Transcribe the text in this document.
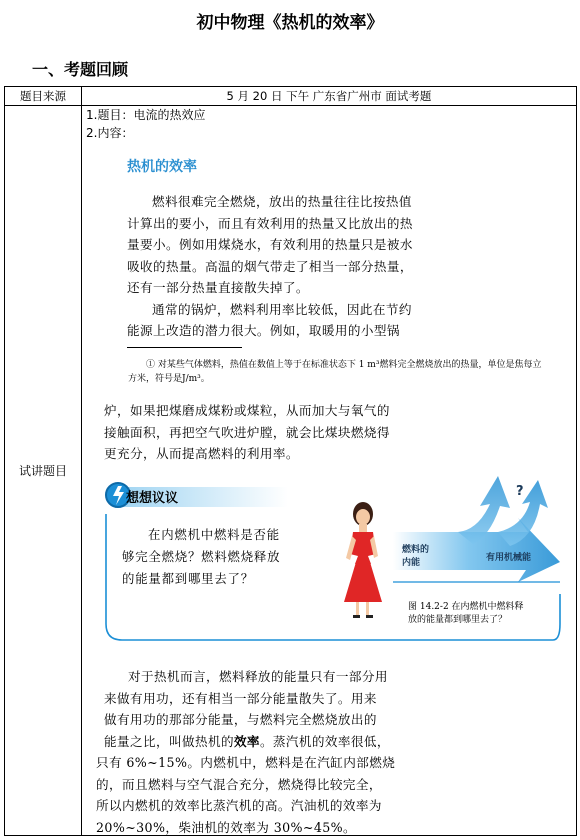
初中物理《热机的效率》
一、考题回顾
题目来源	5 月 20 日 下午 广东省广州市 面试考题
试讲题目	
1.题目：电流的热效应
2.内容：
热机的效率
燃料很难完全燃烧，放出的热量往往比按热值
计算出的要小，而且有效利用的热量又比放出的热
量要小。例如用煤烧水，有效利用的热量只是被水
吸收的热量。高温的烟气带走了相当一部分热量，
还有一部分热量直接散失掉了。
通常的锅炉，燃料利用率比较低，因此在节约
能源上改造的潜力很大。例如，取暖用的小型锅
① 对某些气体燃料，热值在数值上等于在标准状态下 1 m³燃料完全燃烧放出的热量，单位是焦每立
方米，符号是J/m³。
炉，如果把煤磨成煤粉或煤粒，从而加大与氧气的
接触面积，再把空气吹进炉膛，就会比煤块燃烧得
更充分，从而提高燃料的利用率。
想想议议
在内燃机中燃料是否能
够完全燃烧？燃料燃烧释放
的能量都到哪里去了？
?
燃料的
内能	有用机械能
图 14.2-2 在内燃机中燃料释
放的能量都到哪里去了？
对于热机而言，燃料释放的能量只有一部分用
来做有用功，还有相当一部分能量散失了。用来
做有用功的那部分能量，与燃料完全燃烧放出的
能量之比，叫做热机的效率。蒸汽机的效率很低，
只有 6%~15%。内燃机中，燃料是在汽缸内部燃烧
的，而且燃料与空气混合充分，燃烧得比较完全，
所以内燃机的效率比蒸汽机的高。汽油机的效率为
20%~30%，柴油机的效率为 30%~45%。
